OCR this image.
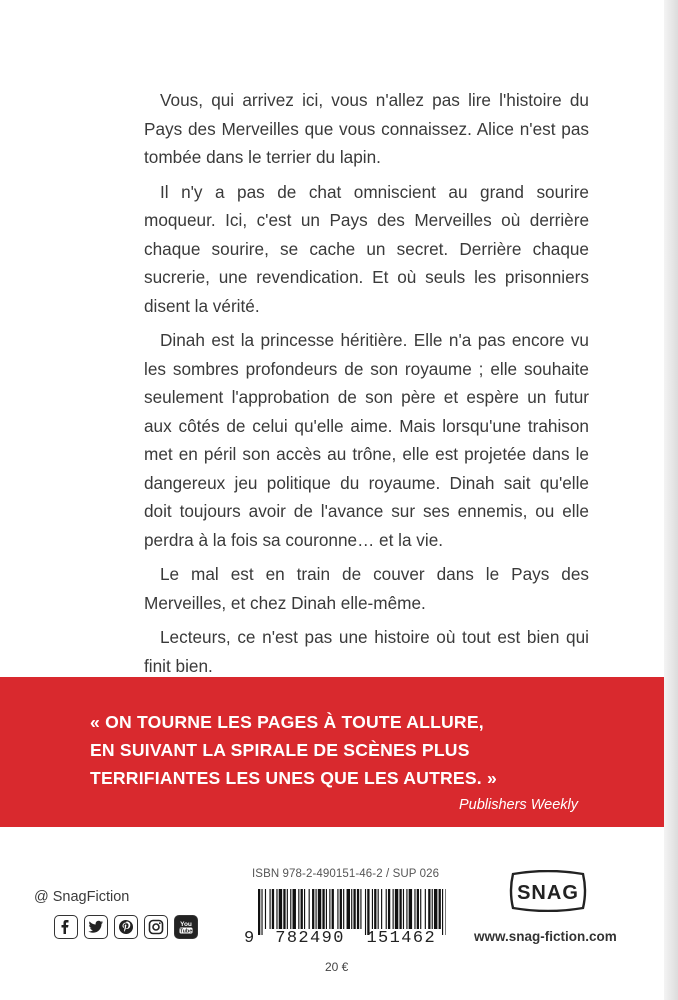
Vous, qui arrivez ici, vous n'allez pas lire l'histoire du Pays des Merveilles que vous connaissez. Alice n'est pas tombée dans le terrier du lapin.

Il n'y a pas de chat omniscient au grand sourire moqueur. Ici, c'est un Pays des Merveilles où derrière chaque sourire, se cache un secret. Derrière chaque sucrerie, une revendication. Et où seuls les prisonniers disent la vérité.

Dinah est la princesse héritière. Elle n'a pas encore vu les sombres profondeurs de son royaume ; elle souhaite seulement l'approbation de son père et espère un futur aux côtés de celui qu'elle aime. Mais lorsqu'une trahison met en péril son accès au trône, elle est projetée dans le dangereux jeu politique du royaume. Dinah sait qu'elle doit toujours avoir de l'avance sur ses ennemis, ou elle perdra à la fois sa couronne… et la vie.

Le mal est en train de couver dans le Pays des Merveilles, et chez Dinah elle-même.

Lecteurs, ce n'est pas une histoire où tout est bien qui finit bien.

« ON TOURNE LES PAGES À TOUTE ALLURE,
EN SUIVANT LA SPIRALE DE SCÈNES PLUS
TERRIFIANTES LES UNES QUE LES AUTRES. »
Publishers Weekly
@ SnagFiction
You
Tube
ISBN 978-2-490151-46-2 / SUP 026
9 782490 151462
20 €
SNAG
www.snag-fiction.com
